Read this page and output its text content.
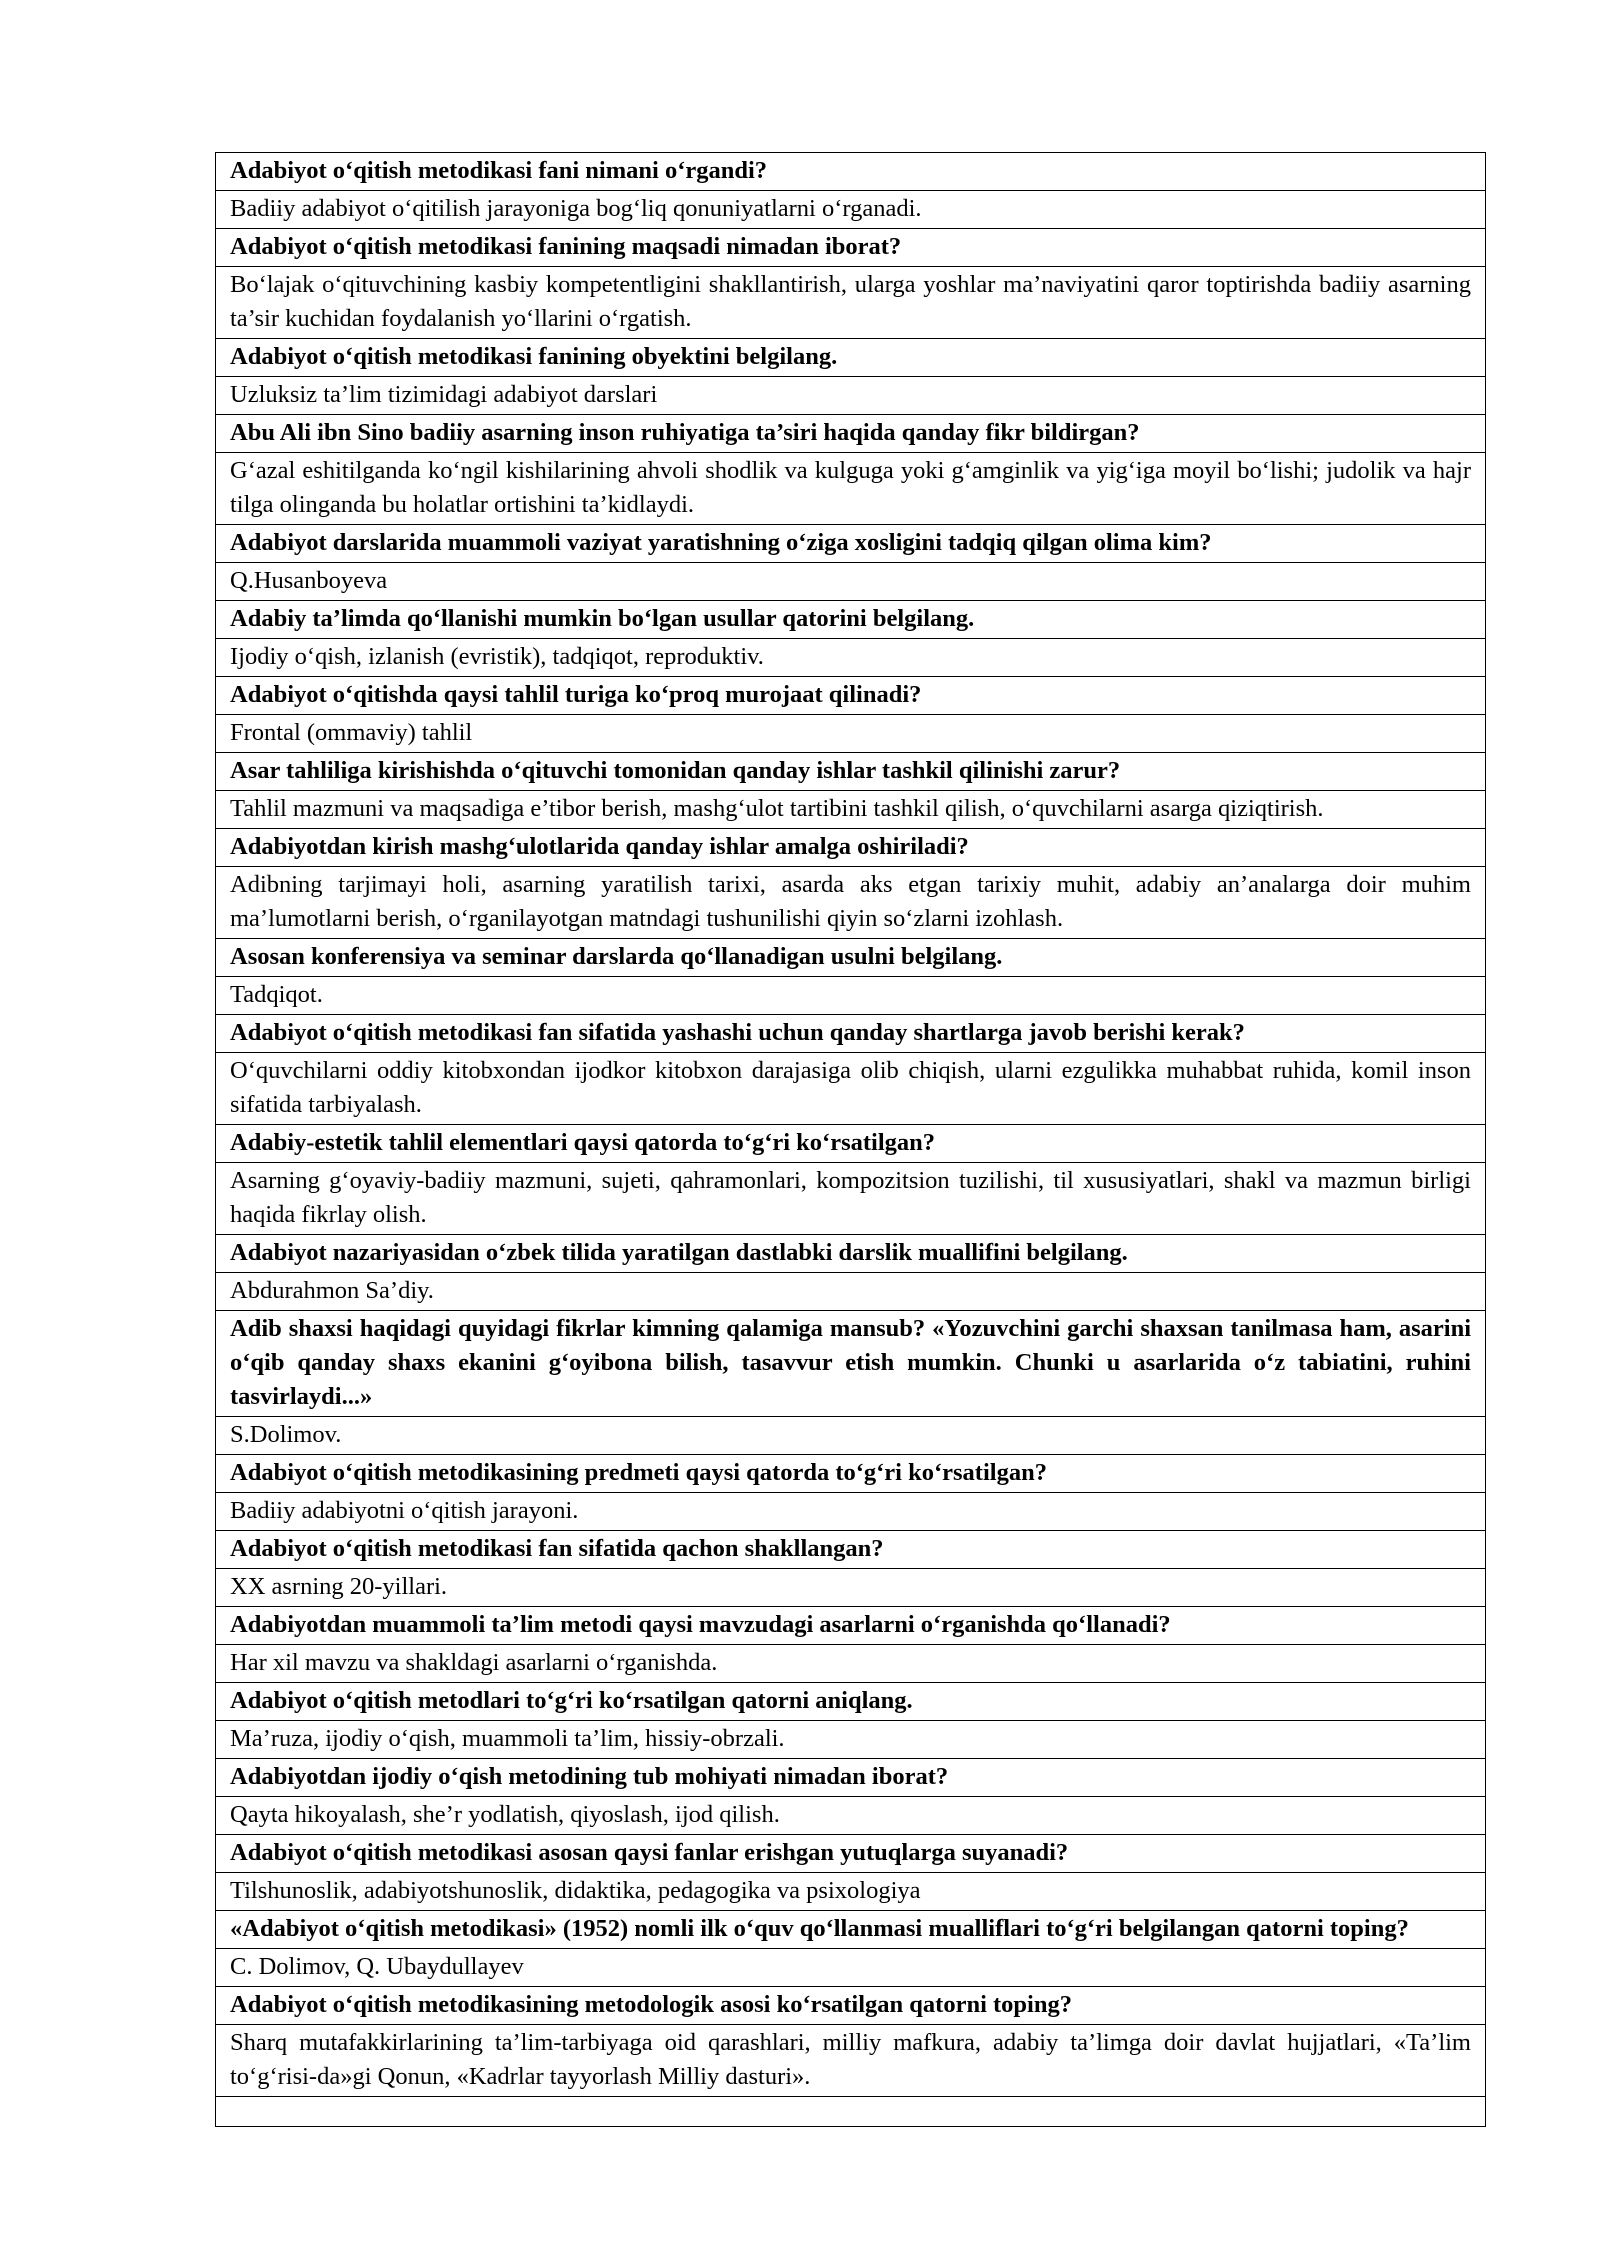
Adabiyot o‘qitish metodikasi fani nimani o‘rgandi?
Badiiy adabiyot o‘qitilish jarayoniga bog‘liq qonuniyatlarni o‘rganadi.
Adabiyot o‘qitish metodikasi fanining maqsadi nimadan iborat?
Bo‘lajak o‘qituvchining kasbiy kompetentligini shakllantirish, ularga yoshlar ma’naviyatini qaror toptirishda badiiy asarning ta’sir kuchidan foydalanish yo‘llarini o‘rgatish.
Adabiyot o‘qitish metodikasi fanining obyektini belgilang.
Uzluksiz ta’lim tizimidagi adabiyot darslari
Abu Ali ibn Sino badiiy asarning inson ruhiyatiga ta’siri haqida qanday fikr bildirgan?
G‘azal eshitilganda ko‘ngil kishilarining ahvoli shodlik va kulguga yoki g‘amginlik va yig‘iga moyil bo‘lishi; judolik va hajr tilga olinganda bu holatlar ortishini ta’kidlaydi.
Adabiyot darslarida muammoli vaziyat yaratishning o‘ziga xosligini tadqiq qilgan olima kim?
Q.Husanboyeva
Adabiy ta’limda qo‘llanishi mumkin bo‘lgan usullar qatorini belgilang.
Ijodiy o‘qish, izlanish (evristik), tadqiqot, reproduktiv.
Adabiyot o‘qitishda qaysi tahlil turiga ko‘proq murojaat qilinadi?
Frontal (ommaviy) tahlil
Asar tahliliga kirishishda o‘qituvchi tomonidan qanday ishlar tashkil qilinishi zarur?
Tahlil mazmuni va maqsadiga e’tibor berish, mashg‘ulot tartibini tashkil qilish, o‘quvchilarni asarga qiziqtirish.
Adabiyotdan kirish mashg‘ulotlarida qanday ishlar amalga oshiriladi?
Adibning tarjimayi holi, asarning yaratilish tarixi, asarda aks etgan tarixiy muhit, adabiy an’analarga doir muhim ma’lumotlarni berish, o‘rganilayotgan matndagi tushunilishi qiyin so‘zlarni izohlash.
Asosan konferensiya va seminar darslarda qo‘llanadigan usulni belgilang.
Tadqiqot.
Adabiyot o‘qitish metodikasi fan sifatida yashashi uchun qanday shartlarga javob berishi kerak?
O‘quvchilarni oddiy kitobxondan ijodkor kitobxon darajasiga olib chiqish, ularni ezgulikka muhabbat ruhida, komil inson sifatida tarbiyalash.
Adabiy-estetik tahlil elementlari qaysi qatorda to‘g‘ri ko‘rsatilgan?
Asarning g‘oyaviy-badiiy mazmuni, sujeti, qahramonlari, kompozitsion tuzilishi, til xususiyatlari, shakl va mazmun birligi haqida fikrlay olish.
Adabiyot nazariyasidan o‘zbek tilida yaratilgan dastlabki darslik muallifini belgilang.
Abdurahmon Sa’diy.
Adib shaxsi haqidagi quyidagi fikrlar kimning qalamiga mansub? «Yozuvchini garchi shaxsan tanilmasa ham, asarini o‘qib qanday shaxs ekanini g‘oyibona bilish, tasavvur etish mumkin. Chunki u asarlarida o‘z tabiatini, ruhini tasvirlaydi...»
S.Dolimov.
Adabiyot o‘qitish metodikasining predmeti qaysi qatorda to‘g‘ri ko‘rsatilgan?
Badiiy adabiyotni o‘qitish jarayoni.
Adabiyot o‘qitish metodikasi fan sifatida qachon shakllangan?
XX asrning 20-yillari.
Adabiyotdan muammoli ta’lim metodi qaysi mavzudagi asarlarni o‘rganishda qo‘llanadi?
Har xil mavzu va shakldagi asarlarni o‘rganishda.
Adabiyot o‘qitish metodlari to‘g‘ri ko‘rsatilgan qatorni aniqlang.
Ma’ruza, ijodiy o‘qish, muammoli ta’lim, hissiy-obrzali.
Adabiyotdan ijodiy o‘qish metodining tub mohiyati nimadan iborat?
Qayta hikoyalash, she’r yodlatish, qiyoslash, ijod qilish.
Adabiyot o‘qitish metodikasi asosan qaysi fanlar erishgan yutuqlarga suyanadi?
Tilshunoslik, adabiyotshunoslik, didaktika, pedagogika va psixologiya
«Adabiyot o‘qitish metodikasi» (1952) nomli ilk o‘quv qo‘llanmasi mualliflari to‘g‘ri belgilangan qatorni toping?
C. Dolimov, Q. Ubaydullayev
Adabiyot o‘qitish metodikasining metodologik asosi ko‘rsatilgan qatorni toping?
Sharq mutafakkirlarining ta’lim-tarbiyaga oid qarashlari, milliy mafkura, adabiy ta’limga doir davlat hujjatlari, «Ta’lim to‘g‘risi-da»gi Qonun, «Kadrlar tayyorlash Milliy dasturi».
